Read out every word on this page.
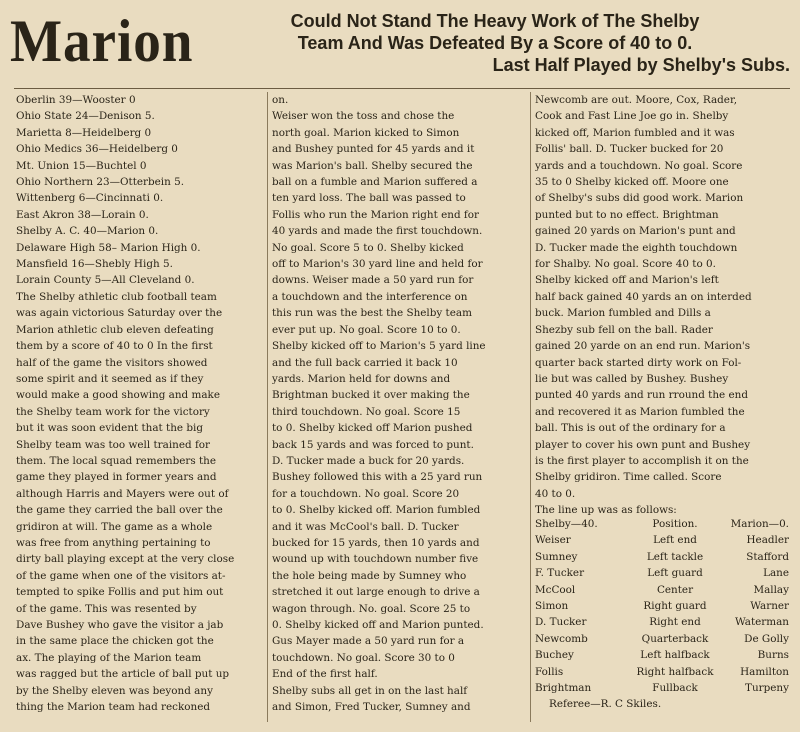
Marion	Could Not Stand The Heavy Work of The Shelby
Team And Was Defeated By a Score of 40 to 0.
Last Half Played by Shelby's Subs.
Oberlin 39—Wooster 0
Ohio State 24—Denison 5.
Marietta 8—Heidelberg 0
Ohio Medics 36—Heidelberg 0
Mt. Union 15—Buchtel 0
Ohio Northern 23—Otterbein 5.
Wittenberg 6—Cincinnati 0.
East Akron 38—Lorain 0.
Shelby A. C. 40—Marion 0.
Delaware High 58– Marion High 0.
Mansfield 16—Shebly High 5.
Lorain County 5—All Cleveland 0.
The Shelby athletic club football team
was again victorious Saturday over the
Marion athletic club eleven defeating
them by a score of 40 to 0 In the first
half of the game the visitors showed
some spirit and it seemed as if they
would make a good showing and make
the Shelby team work for the victory
but it was soon evident that the big
Shelby team was too well trained for
them. The local squad remembers the
game they played in former years and
although Harris and Mayers were out of
the game they carried the ball over the
gridiron at will. The game as a whole
was free from anything pertaining to
dirty ball playing except at the very close
of the game when one of the visitors at-
tempted to spike Follis and put him out
of the game. This was resented by
Dave Bushey who gave the visitor a jab
in the same place the chicken got the
ax. The playing of the Marion team
was ragged but the article of ball put up
by the Shelby eleven was beyond any
thing the Marion team had reckoned
on.
Weiser won the toss and chose the
north goal. Marion kicked to Simon
and Bushey punted for 45 yards and it
was Marion's ball. Shelby secured the
ball on a fumble and Marion suffered a
ten yard loss. The ball was passed to
Follis who run the Marion right end for
40 yards and made the first touchdown.
No goal. Score 5 to 0. Shelby kicked
off to Marion's 30 yard line and held for
downs. Weiser made a 50 yard run for
a touchdown and the interference on
this run was the best the Shelby team
ever put up. No goal. Score 10 to 0.
Shelby kicked off to Marion's 5 yard line
and the full back carried it back 10
yards. Marion held for downs and
Brightman bucked it over making the
third touchdown. No goal. Score 15
to 0. Shelby kicked off Marion pushed
back 15 yards and was forced to punt.
D. Tucker made a buck for 20 yards.
Bushey followed this with a 25 yard run
for a touchdown. No goal. Score 20
to 0. Shelby kicked off. Marion fumbled
and it was McCool's ball. D. Tucker
bucked for 15 yards, then 10 yards and
wound up with touchdown number five
the hole being made by Sumney who
stretched it out large enough to drive a
wagon through. No. goal. Score 25 to
0. Shelby kicked off and Marion punted.
Gus Mayer made a 50 yard run for a
touchdown. No goal. Score 30 to 0
End of the first half.
Shelby subs all get in on the last half
and Simon, Fred Tucker, Sumney and
Newcomb are out. Moore, Cox, Rader,
Cook and Fast Line Joe go in. Shelby
kicked off, Marion fumbled and it was
Follis' ball. D. Tucker bucked for 20
yards and a touchdown. No goal. Score
35 to 0 Shelby kicked off. Moore one
of Shelby's subs did good work. Marion
punted but to no effect. Brightman
gained 20 yards on Marion's punt and
D. Tucker made the eighth touchdown
for Shalby. No goal. Score 40 to 0.
Shelby kicked off and Marion's left
half back gained 40 yards an on interded
buck. Marion fumbled and Dills a
Shezby sub fell on the ball. Rader
gained 20 yarde on an end run. Marion's
quarter back started dirty work on Fol-
lie but was called by Bushey. Bushey
punted 40 yards and run rround the end
and recovered it as Marion fumbled the
ball. This is out of the ordinary for a
player to cover his own punt and Bushey
is the first player to accomplish it on the
Shelby gridiron. Time called. Score
40 to 0.
The line up was as follows:
Shelby—40.	Position.	Marion—0.
Weiser	Left end	Headler
Sumney	Left tackle	Stafford
F. Tucker	Left guard	Lane
McCool	Center	Mallay
Simon	Right guard	Warner
D. Tucker	Right end	Waterman
Newcomb	Quarterback	De Golly
Buchey	Left halfback	Burns
Follis	Right halfback	Hamilton
Brightman	Fullback	Turpeny
Referee—R. C Skiles.
